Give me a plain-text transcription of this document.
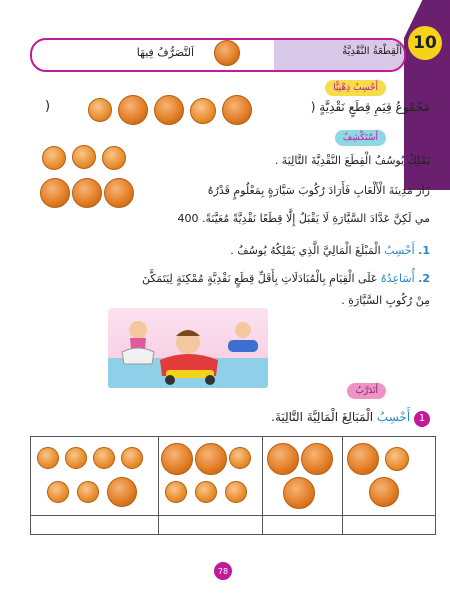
10
اَلْقِطْعَةُ النَّقْدِيَّةُ
اَلتَّصَرُّفُ فِيهَا
أَحْسِبُ ذِهْنِيًّا
مَجْمُوعُ قِيَمِ قِطَعٍ نَقْدِيَّةٍ (
)
أَسْتَكْشِفُ
يَمْلِكُ يُوسُفُ الْقِطَعَ النَّقْدِيَّةَ التَّالِيَةَ .
زَارَ مَدِينَةَ الْأَلْعَابِ فَأَرَادَ رُكُوبَ سَيَّارَةٍ بِمَعْلُومٍ قَدْرُهُ
مي لَكِنَّ عَدَّادَ السَّيَّارَةِ لَا يَقْبَلُ إِلَّا قِطَعًا نَقْدِيَّةً مُعَيَّنَةً. 400
1. أَحْسِبُ الْمَبْلَغَ الْمَالِيَّ الَّذِي يَمْلِكُهُ يُوسُفُ .
2. أُسَاعِدُهُ عَلَى الْقِيَامِ بِالْمُبَادَلَاتِ بِأَقَلِّ قِطَعٍ نَقْدِيَّةٍ مُمْكِنَةٍ لِيَتَمَكَّنَ
مِنْ رُكُوبِ السَّيَّارَةِ .
أَتَدَرَّبُ
1 أَحْسِبُ الْمَبَالِغَ الْمَالِيَّةَ التَّالِيَةَ.

78
